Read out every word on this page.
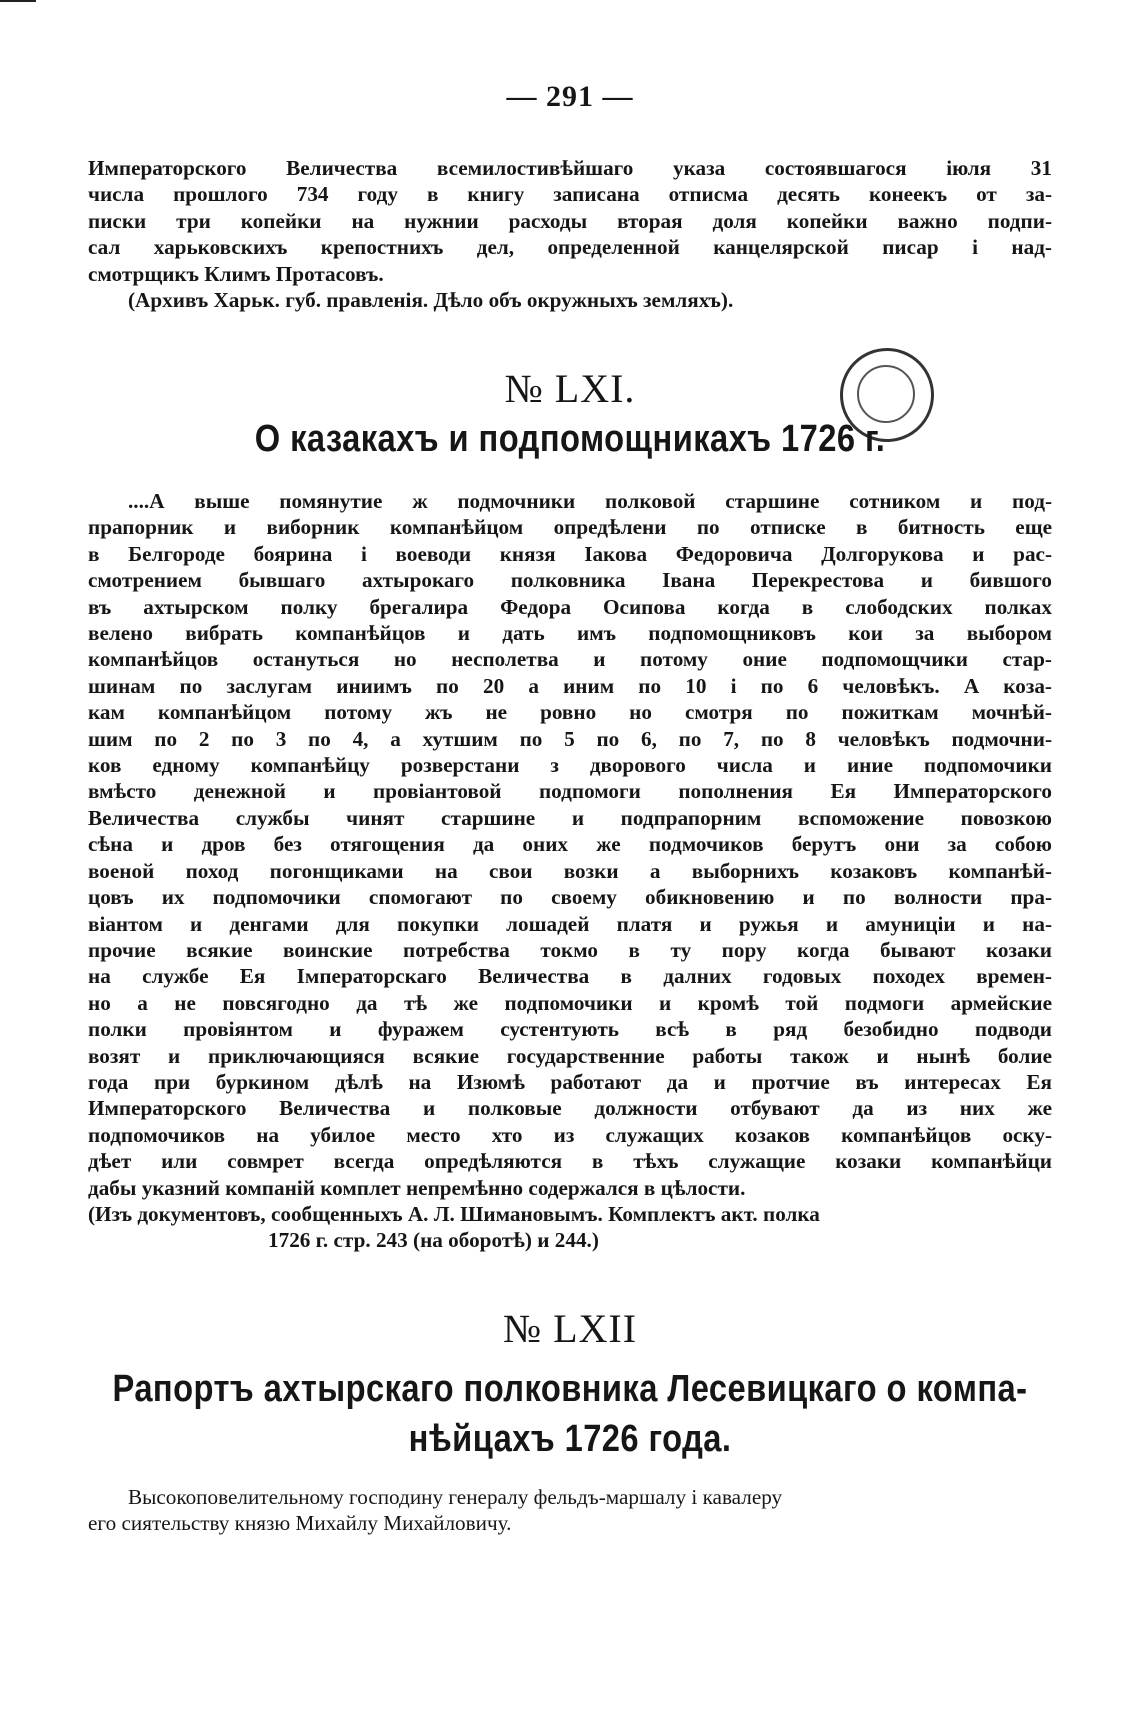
— 291 —
Императорского Величества всемилостивѣйшаго указа состоявшагося iюля 31
числа прошлого 734 году в книгу записана отписма десять конеекъ от за-
писки три копейки на нужнии расходы вторая доля копейки важно подпи-
сал харьковскихъ крепостнихъ дел, определенной канцелярской писар i над-
смотрщикъ Климъ Протасовъ.
(Архивъ Харьк. губ. правленiя. Дѣло объ окружныхъ земляхъ).
№ LXI.
О казакахъ и подпомощникахъ 1726 г.
....А выше помянутие ж подмочники полковой старшине сотником и под-
прапорник и виборник компанѣйцом опредѣлени по отписке в битность еще
в Белгороде боярина i воеводи князя Iакова Федоровича Долгорукова и рас-
смотрением бывшаго ахтырокаго полковника Iвана Перекрестова и бившого
въ ахтырском полку брегалира Федора Осипова когда в слободских полках
велено вибрать компанѣйцов и дать имъ подпомощниковъ кои за выбором
компанѣйцов остануться но несполетва и потому оние подпомощчики стар-
шинам по заслугам иниимъ по 20 а иним по 10 i по 6 человѣкъ. А коза-
кам компанѣйцом потому жъ не ровно но смотря по пожиткам мочнѣй-
шим по 2 по 3 по 4, а хутшим по 5 по 6, по 7, по 8 человѣкъ подмочни-
ков едному компанѣйцу розверстани з двоpового числа и иние подпомочики
вмѣсто денежной и провiантовой подпомоги пополнения Ея Императорского
Величества службы чинят старшине и подпрапорним вспоможение повозкою
сѣна и дров без отягощения да оних же подмочиков берутъ они за собою
военой поход погонщиками на свои возки а выборнихъ козаковъ компанѣй-
цовъ их подпомочики спомогают по своему обикновению и по волности пра-
вiантом и денгами для покупки лошадей платя и ружья и амуницiи и на-
прочие всякие воинские потребства токмо в ту пору когда бывают козаки
на службе Ея Iмператорскаго Величества в далних годовых походех времен-
но а не повсягодно да тѣ же подпомочики и кромѣ той подмоги армейские
полки провiянтом и фуражем сустентують всѣ в ряд безобидно подводи
возят и приключающияся всякие государственние работы також и нынѣ болие
года при буркином дѣлѣ на Изюмѣ работают да и протчие въ интересах Ея
Императорского Величества и полковые должности отбувают да из них же
подпомочиков на убилое место хто из служащих козаков компанѣйцов оску-
дѣет или совмрет всегда опредѣляются в тѣхъ служащие козаки компанѣйци
дабы указний компанiй комплет непремѣнно содержался в цѣлости.
(Изъ документовъ, сообщенныхъ А. Л. Шимановымъ. Комплектъ акт. полка
1726 г. стр. 243 (на оборотѣ) и 244.)
№ LXII
Рапортъ ахтырскаго полковника Лесевицкаго о компа-
нѣйцахъ 1726 года.
Высокоповелительному господину генералу фельдъ-маршалу i кавалеру
его сиятельству князю Михайлу Михайловичу.
